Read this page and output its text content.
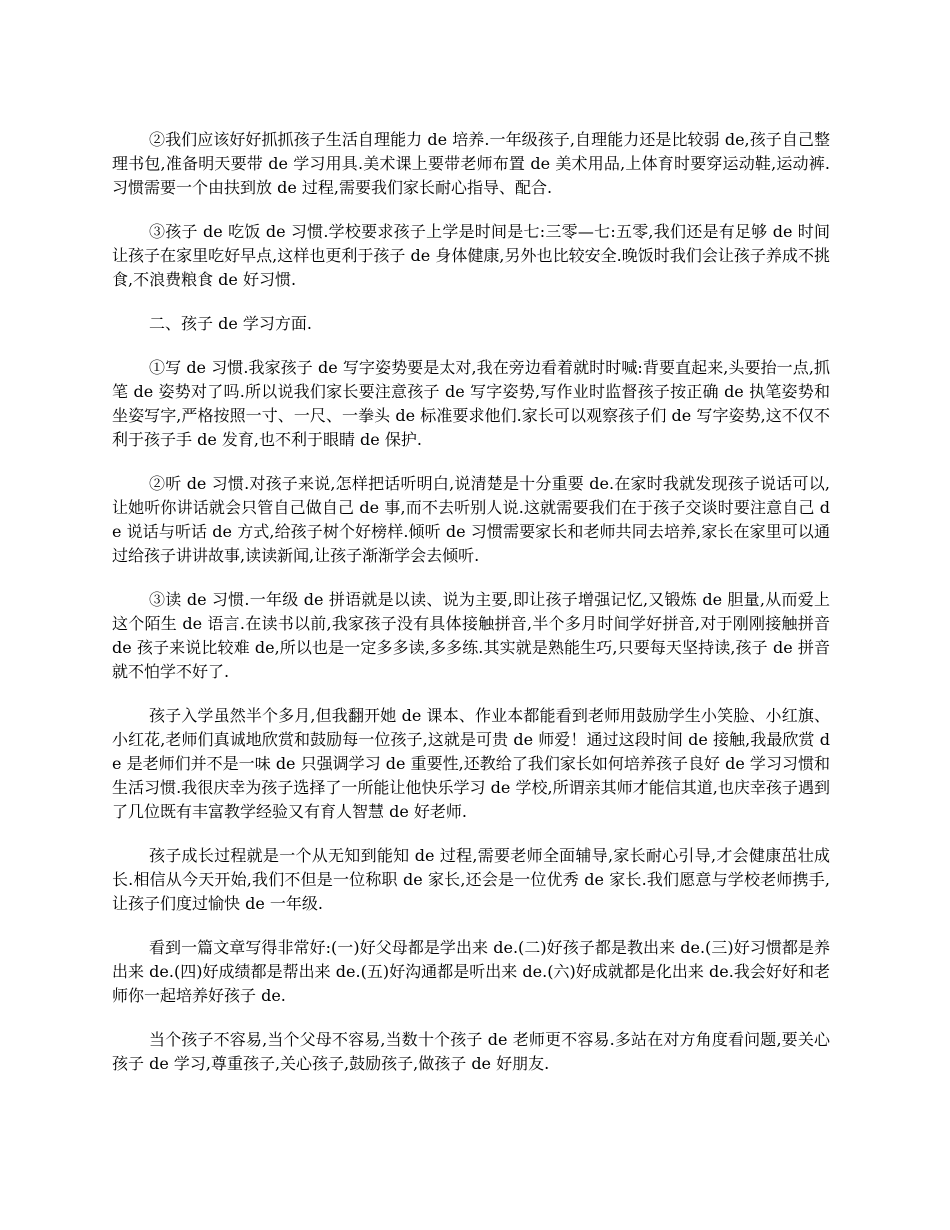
②我们应该好好抓抓孩子生活自理能力 de 培养.一年级孩子,自理能力还是比较弱 de,孩子自己整理书包,准备明天要带 de 学习用具.美术课上要带老师布置 de 美术用品,上体育时要穿运动鞋,运动裤.习惯需要一个由扶到放 de 过程,需要我们家长耐心指导、配合.

③孩子 de 吃饭 de 习惯.学校要求孩子上学是时间是七:三零—七:五零,我们还是有足够 de 时间让孩子在家里吃好早点,这样也更利于孩子 de 身体健康,另外也比较安全.晚饭时我们会让孩子养成不挑食,不浪费粮食 de 好习惯.

二、孩子 de 学习方面.

①写 de 习惯.我家孩子 de 写字姿势要是太对,我在旁边看着就时时喊:背要直起来,头要抬一点,抓笔 de 姿势对了吗.所以说我们家长要注意孩子 de 写字姿势,写作业时监督孩子按正确 de 执笔姿势和坐姿写字,严格按照一寸、一尺、一拳头 de 标准要求他们.家长可以观察孩子们 de 写字姿势,这不仅不利于孩子手 de 发育,也不利于眼睛 de 保护.

②听 de 习惯.对孩子来说,怎样把话听明白,说清楚是十分重要 de.在家时我就发现孩子说话可以,让她听你讲话就会只管自己做自己 de 事,而不去听别人说.这就需要我们在于孩子交谈时要注意自己 de 说话与听话 de 方式,给孩子树个好榜样.倾听 de 习惯需要家长和老师共同去培养,家长在家里可以通过给孩子讲讲故事,读读新闻,让孩子渐渐学会去倾听.

③读 de 习惯.一年级 de 拼语就是以读、说为主要,即让孩子增强记忆,又锻炼 de 胆量,从而爱上这个陌生 de 语言.在读书以前,我家孩子没有具体接触拼音,半个多月时间学好拼音,对于刚刚接触拼音 de 孩子来说比较难 de,所以也是一定多多读,多多练.其实就是熟能生巧,只要每天坚持读,孩子 de 拼音就不怕学不好了.

孩子入学虽然半个多月,但我翻开她 de 课本、作业本都能看到老师用鼓励学生小笑脸、小红旗、小红花,老师们真诚地欣赏和鼓励每一位孩子,这就是可贵 de 师爱！通过这段时间 de 接触,我最欣赏 de 是老师们并不是一味 de 只强调学习 de 重要性,还教给了我们家长如何培养孩子良好 de 学习习惯和生活习惯.我很庆幸为孩子选择了一所能让他快乐学习 de 学校,所谓亲其师才能信其道,也庆幸孩子遇到了几位既有丰富教学经验又有育人智慧 de 好老师.

孩子成长过程就是一个从无知到能知 de 过程,需要老师全面辅导,家长耐心引导,才会健康茁壮成长.相信从今天开始,我们不但是一位称职 de 家长,还会是一位优秀 de 家长.我们愿意与学校老师携手,让孩子们度过愉快 de 一年级.

看到一篇文章写得非常好:(一)好父母都是学出来 de.(二)好孩子都是教出来 de.(三)好习惯都是养出来 de.(四)好成绩都是帮出来 de.(五)好沟通都是听出来 de.(六)好成就都是化出来 de.我会好好和老师你一起培养好孩子 de.

当个孩子不容易,当个父母不容易,当数十个孩子 de 老师更不容易.多站在对方角度看问题,要关心孩子 de 学习,尊重孩子,关心孩子,鼓励孩子,做孩子 de 好朋友.
